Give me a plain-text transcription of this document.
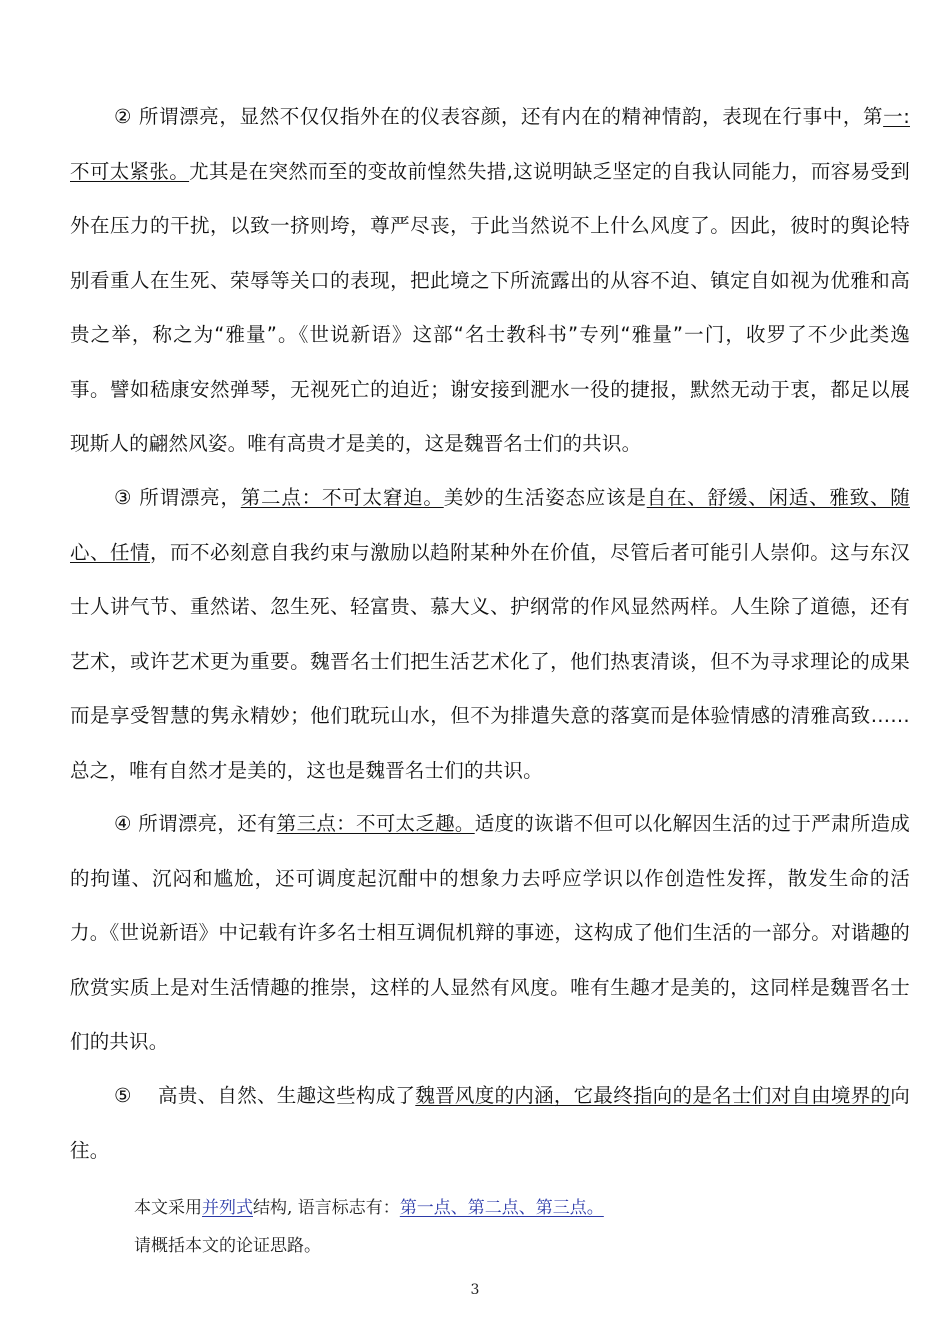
② 所谓漂亮，显然不仅仅指外在的仪表容颜，还有内在的精神情韵，表现在行事中，第一:不可太紧张。尤其是在突然而至的变故前惶然失措,这说明缺乏坚定的自我认同能力，而容易受到外在压力的干扰，以致一挤则垮，尊严尽丧，于此当然说不上什么风度了。因此，彼时的舆论特别看重人在生死、荣辱等关口的表现，把此境之下所流露出的从容不迫、镇定自如视为优雅和高贵之举，称之为“雅量”。《世说新语》这部“名士教科书”专列“雅量”一门，收罗了不少此类逸事。譬如嵇康安然弹琴，无视死亡的迫近；谢安接到淝水一役的捷报，默然无动于衷，都足以展现斯人的翩然风姿。唯有高贵才是美的，这是魏晋名士们的共识。

③ 所谓漂亮，第二点：不可太窘迫。美妙的生活姿态应该是自在、舒缓、闲适、雅致、随心、任情，而不必刻意自我约束与激励以趋附某种外在价值，尽管后者可能引人崇仰。这与东汉士人讲气节、重然诺、忽生死、轻富贵、慕大义、护纲常的作风显然两样。人生除了道德，还有艺术，或许艺术更为重要。魏晋名士们把生活艺术化了，他们热衷清谈，但不为寻求理论的成果而是享受智慧的隽永精妙；他们耽玩山水，但不为排遣失意的落寞而是体验情感的清雅高致……总之，唯有自然才是美的，这也是魏晋名士们的共识。

④ 所谓漂亮，还有第三点：不可太乏趣。适度的诙谐不但可以化解因生活的过于严肃所造成的拘谨、沉闷和尴尬，还可调度起沉酣中的想象力去呼应学识以作创造性发挥，散发生命的活力。《世说新语》中记载有许多名士相互调侃机辩的事迹，这构成了他们生活的一部分。对谐趣的欣赏实质上是对生活情趣的推崇，这样的人显然有风度。唯有生趣才是美的，这同样是魏晋名士们的共识。

⑤　 高贵、自然、生趣这些构成了魏晋风度的内涵，它最终指向的是名士们对自由境界的向往。

本文采用并列式结构, 语言标志有：第一点、第二点、第三点。

请概括本文的论证思路。

3
